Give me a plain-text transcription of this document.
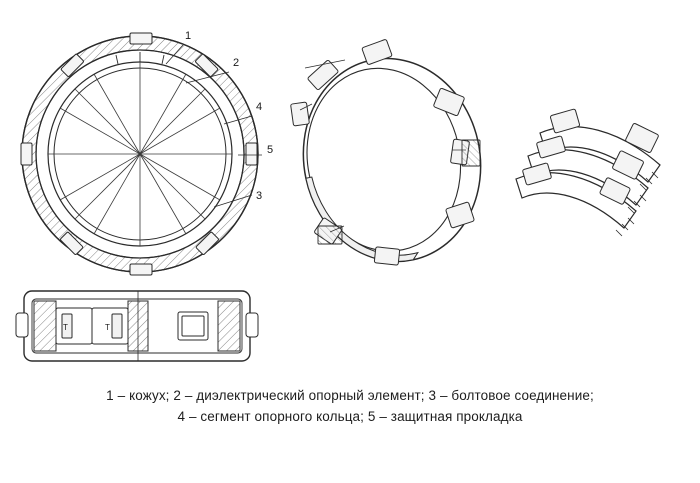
1
2
4
5
3
T	T
1 – кожух; 2 – диэлектрический опорный элемент; 3 – болтовое соединение;
4 – сегмент опорного кольца; 5 – защитная прокладка
